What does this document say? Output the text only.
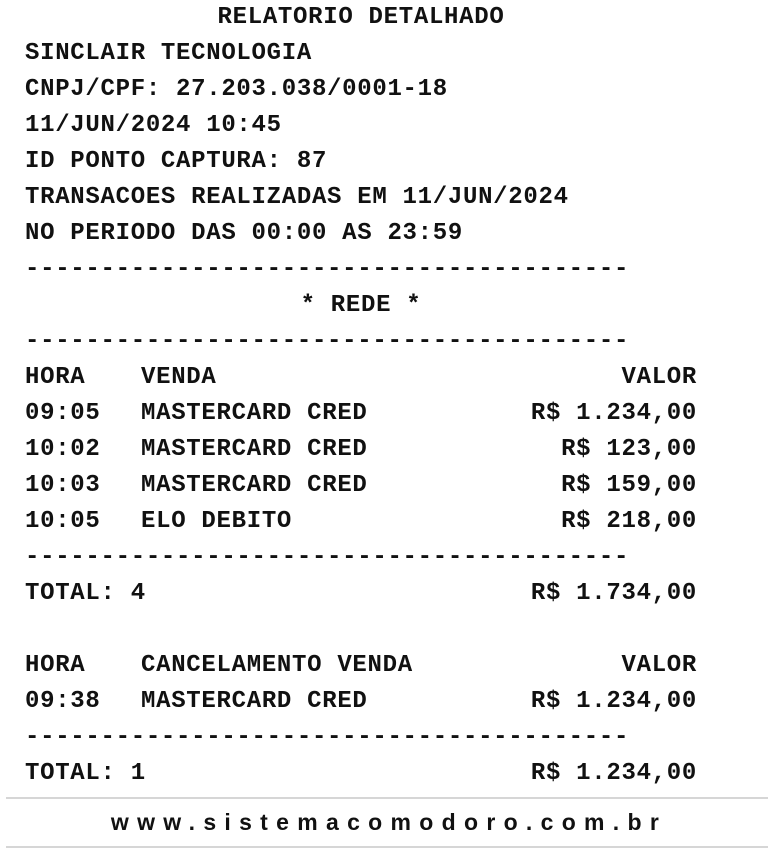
RELATORIO DETALHADO
SINCLAIR TECNOLOGIA
CNPJ/CPF: 27.203.038/0001-18
11/JUN/2024 10:45
ID PONTO CAPTURA: 87
TRANSACOES REALIZADAS EM 11/JUN/2024
NO PERIODO DAS 00:00 AS 23:59
----------------------------------------
* REDE *
----------------------------------------
HORA	VENDA	VALOR
09:05	MASTERCARD CRED	R$ 1.234,00
10:02	MASTERCARD CRED	R$ 123,00
10:03	MASTERCARD CRED	R$ 159,00
10:05	ELO DEBITO	R$ 218,00
----------------------------------------
TOTAL: 4	R$ 1.734,00
HORA	CANCELAMENTO VENDA	VALOR
09:38	MASTERCARD CRED	R$ 1.234,00
----------------------------------------
TOTAL: 1	R$ 1.234,00
www.sistemacomodoro.com.br
